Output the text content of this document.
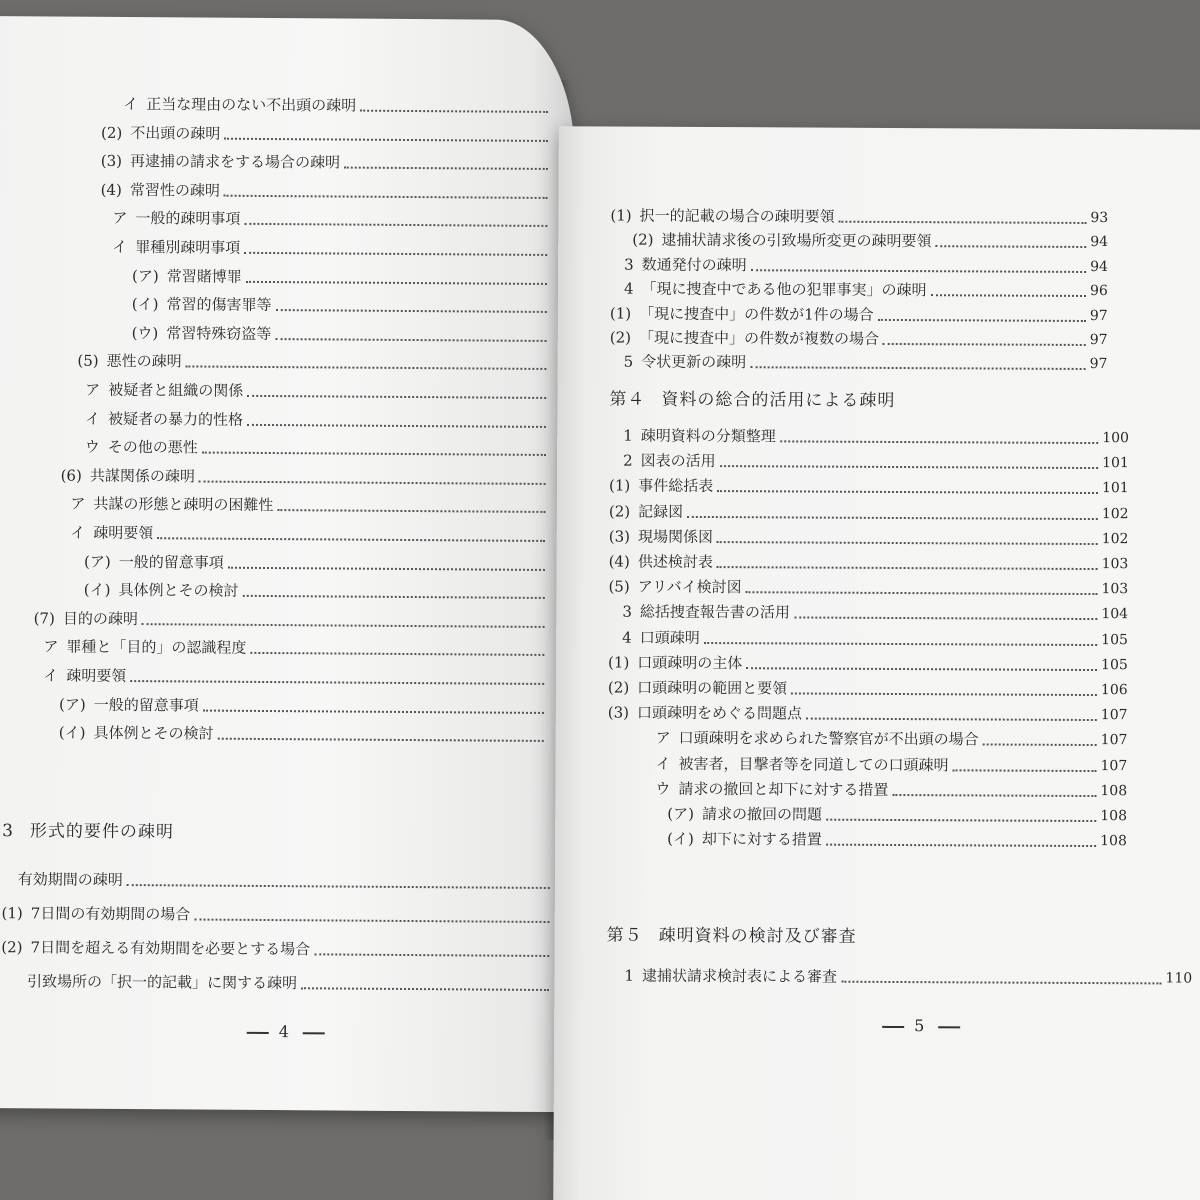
イ 正当な理由のない不出頭の疎明
(2) 不出頭の疎明
(3) 再逮捕の請求をする場合の疎明
(4) 常習性の疎明
ア 一般的疎明事項
イ 罪種別疎明事項
(ア) 常習賭博罪
(イ) 常習的傷害罪等
(ウ) 常習特殊窃盗等
(5) 悪性の疎明
ア 被疑者と組織の関係
イ 被疑者の暴力的性格
ウ その他の悪性
(6) 共謀関係の疎明
ア 共謀の形態と疎明の困難性
イ 疎明要領
(ア) 一般的留意事項
(イ) 具体例とその検討
(7) 目的の疎明
ア 罪種と「目的」の認識程度
イ 疎明要領
(ア) 一般的留意事項
(イ) 具体例とその検討
3 形式的要件の疎明
有効期間の疎明
(1) 7日間の有効期間の場合
(2) 7日間を超える有効期間を必要とする場合
引致場所の「択一的記載」に関する疎明
4
(1) 択一的記載の場合の疎明要領	93
(2) 逮捕状請求後の引致場所変更の疎明要領	94
3 数通発付の疎明	94
4 「現に捜査中である他の犯罪事実」の疎明	96
(1) 「現に捜査中」の件数が1件の場合	97
(2) 「現に捜査中」の件数が複数の場合	97
5 令状更新の疎明	97
第４ 資料の総合的活用による疎明
1 疎明資料の分類整理	100
2 図表の活用	101
(1) 事件総括表	101
(2) 記録図	102
(3) 現場関係図	102
(4) 供述検討表	103
(5) アリバイ検討図	103
3 総括捜査報告書の活用	104
4 口頭疎明	105
(1) 口頭疎明の主体	105
(2) 口頭疎明の範囲と要領	106
(3) 口頭疎明をめぐる問題点	107
ア 口頭疎明を求められた警察官が不出頭の場合	107
イ 被害者，目撃者等を同道しての口頭疎明	107
ウ 請求の撤回と却下に対する措置	108
(ア) 請求の撤回の問題	108
(イ) 却下に対する措置	108
第５ 疎明資料の検討及び審査
1 逮捕状請求検討表による審査	110
5
